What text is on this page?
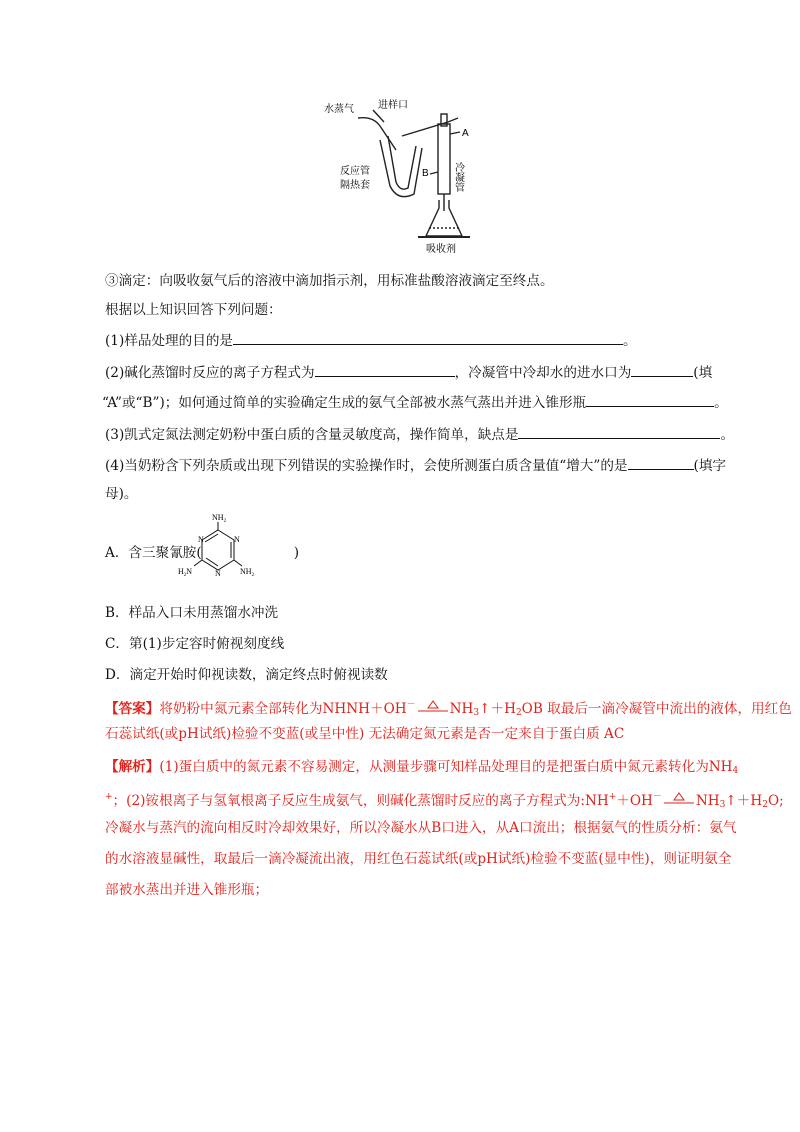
水蒸气 进样口
反应管
隔热套
A
B 冷凝管
吸收剂
③滴定：向吸收氨气后的溶液中滴加指示剂，用标准盐酸溶液滴定至终点。
根据以上知识回答下列问题：
(1)样品处理的目的是	。
(2)碱化蒸馏时反应的离子方程式为	，冷凝管中冷却水的进水口为	(填
“A”或“B”)；如何通过简单的实验确定生成的氨气全部被水蒸气蒸出并进入锥形瓶	。
(3)凯式定氮法测定奶粉中蛋白质的含量灵敏度高，操作简单，缺点是	。
(4)当奶粉含下列杂质或出现下列错误的实验操作时，会使所测蛋白质含量值“增大”的是	(填字
母)。
A．含三聚氰胺(	)
$NH_2$
N	N
N
$H_2N$	$NH_2$
B．样品入口未用蒸馏水冲洗
C．第(1)步定容时俯视刻度线
D．滴定开始时仰视读数，滴定终点时俯视读数
【答案】将奶粉中氮元素全部转化为NHNH＋OH－	$NH_3↑+H_2OB$ 取最后一滴冷凝管中流出的液体，用红色
石蕊试纸(或pH试纸)检验不变蓝(或呈中性) 无法确定氮元素是否一定来自于蛋白质 AC
【解析】(1)蛋白质中的氮元素不容易测定，从测量步骤可知样品处理目的是把蛋白质中氮元素转化为$NH_4$
+；(2)铵根离子与氢氧根离子反应生成氨气，则碱化蒸馏时反应的离子方程式为:NH+＋OH－	$NH_3↑+H_2O$;
冷凝水与蒸汽的流向相反时冷却效果好，所以冷凝水从B口进入，从A口流出；根据氨气的性质分析：氨气
的水溶液显碱性，取最后一滴冷凝流出液，用红色石蕊试纸(或pH试纸)检验不变蓝(显中性)，则证明氨全
部被水蒸出并进入锥形瓶；
